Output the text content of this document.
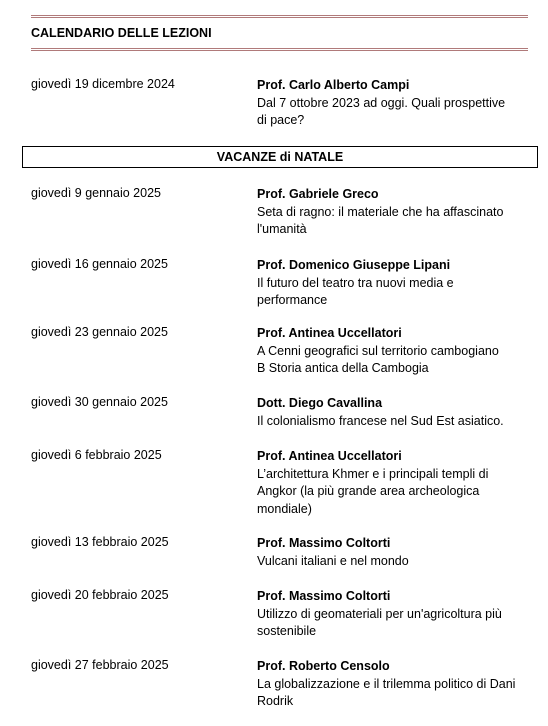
CALENDARIO DELLE LEZIONI
VACANZE di NATALE
giovedì 19 dicembre 2024	Prof. Carlo Alberto Campi
Dal 7 ottobre 2023 ad oggi. Quali prospettive
di pace?
giovedì 9 gennaio 2025	Prof. Gabriele Greco
Seta di ragno: il materiale che ha affascinato
l'umanità
giovedì 16 gennaio 2025	Prof. Domenico Giuseppe Lipani
Il futuro del teatro tra nuovi media e
performance
giovedì 23 gennaio 2025	Prof. Antinea Uccellatori
A Cenni geografici sul territorio cambogiano
B Storia antica della Cambogia
giovedì 30 gennaio 2025	Dott. Diego Cavallina
Il colonialismo francese nel Sud Est asiatico.
giovedì 6 febbraio 2025	Prof. Antinea Uccellatori
L’architettura Khmer e i principali templi di
Angkor (la più grande area archeologica
mondiale)
giovedì 13 febbraio 2025	Prof. Massimo Coltorti
Vulcani italiani e nel mondo
giovedì 20 febbraio 2025	Prof. Massimo Coltorti
Utilizzo di geomateriali per un'agricoltura più
sostenibile
giovedì 27 febbraio 2025	Prof. Roberto Censolo
La globalizzazione e il trilemma politico di Dani
Rodrik
